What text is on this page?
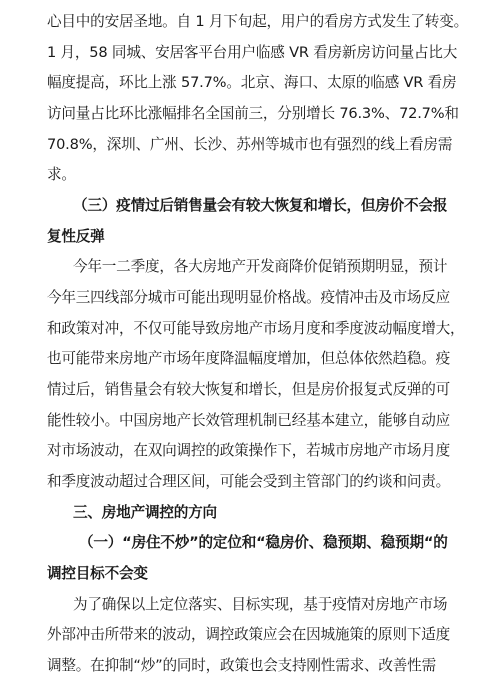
心目中的安居圣地。自 1 月下旬起，用户的看房方式发生了转变。
1 月，58 同城、安居客平台用户临感 VR 看房新房访问量占比大
幅度提高，环比上涨 57.7%。北京、海口、太原的临感 VR 看房
访问量占比环比涨幅排名全国前三，分别增长 76.3%、72.7%和
70.8%，深圳、广州、长沙、苏州等城市也有强烈的线上看房需
求。
（三）疫情过后销售量会有较大恢复和增长，但房价不会报
复性反弹
今年一二季度，各大房地产开发商降价促销预期明显，预计
今年三四线部分城市可能出现明显价格战。疫情冲击及市场反应
和政策对冲，不仅可能导致房地产市场月度和季度波动幅度增大，
也可能带来房地产市场年度降温幅度增加，但总体依然趋稳。疫
情过后，销售量会有较大恢复和增长，但是房价报复式反弹的可
能性较小。中国房地产长效管理机制已经基本建立，能够自动应
对市场波动，在双向调控的政策操作下，若城市房地产市场月度
和季度波动超过合理区间，可能会受到主管部门的约谈和问责。
三、房地产调控的方向
（一）“房住不炒”的定位和“稳房价、稳预期、稳预期“的
调控目标不会变
为了确保以上定位落实、目标实现，基于疫情对房地产市场
外部冲击所带来的波动，调控政策应会在因城施策的原则下适度
调整。在抑制“炒”的同时，政策也会支持刚性需求、改善性需
